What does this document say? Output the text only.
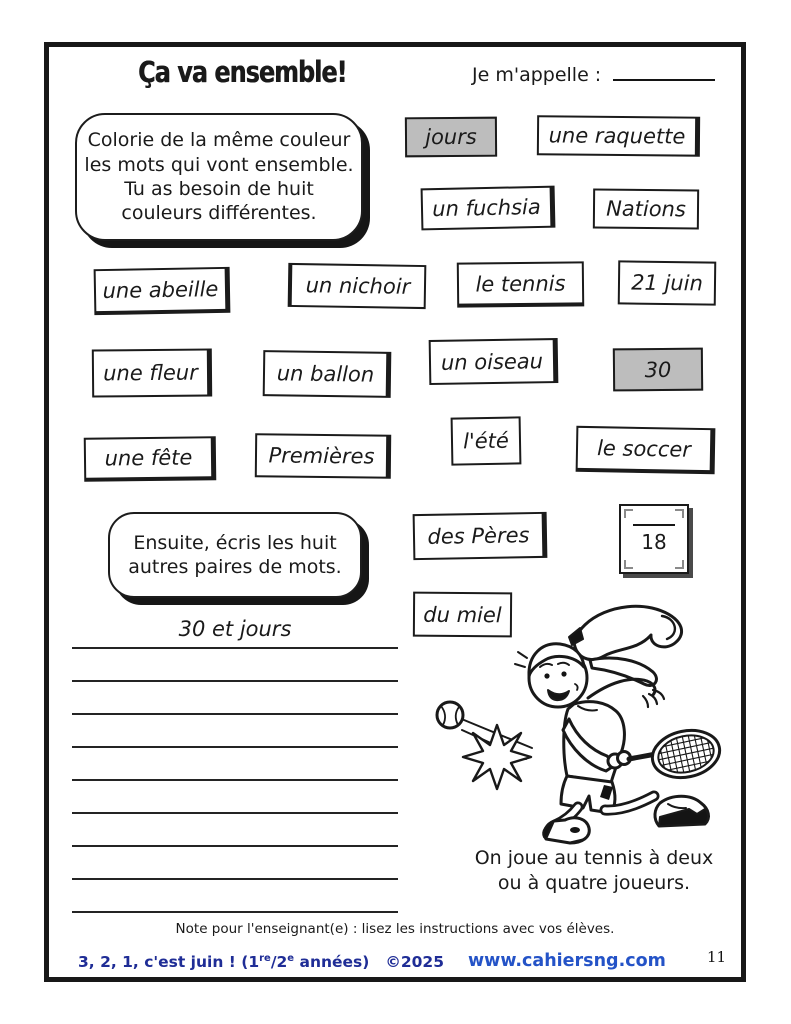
Ça va ensemble!	Je m'appelle :
Colorie de la même couleur
les mots qui vont ensemble.
Tu as besoin de huit
couleurs différentes.
jours	une raquette
un fuchsia	Nations
une abeille	un nichoir	le tennis	21 juin
une fleur	un ballon	un oiseau	30
une fête	Premières
l'été	le soccer
des Pères
du miel
18
Ensuite, écris les huit
autres paires de mots.
30 et jours
On joue au tennis à deux
ou à quatre joueurs.
Note pour l'enseignant(e) : lisez les instructions avec vos élèves.
3, 2, 1, c'est juin ! (1re/2e années) ©2025 www.cahiersng.com	11
